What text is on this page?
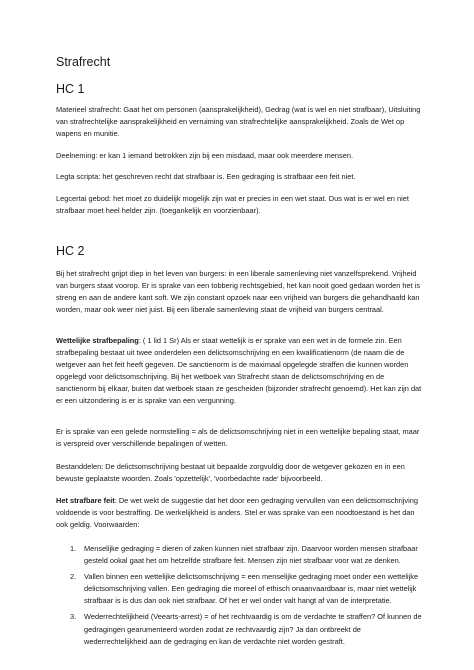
Strafrecht
HC 1
Materieel strafrecht: Gaat het om personen (aansprakelijkheid), Gedrag (wat is wel en niet strafbaar), Uitsluiting van strafrechtelijke aansprakelijkheid en verruiming van strafrechtelijke aansprakelijkheid. Zoals de Wet op wapens en munitie.
Deelneming: er kan 1 iemand betrokken zijn bij een misdaad, maar ook meerdere mensen.
Legta scripta: het geschreven recht dat strafbaar is. Een gedraging is strafbaar een feit niet.
Legcertai gebod: het moet zo duidelijk mogelijk zijn wat er precies in een wet staat. Dus wat is er wel en niet strafbaar moet heel helder zijn. (toegankelijk en voorzienbaar).
HC 2
Bij het strafrecht grijpt diep in het leven van burgers: in een liberale samenleving niet vanzelfsprekend. Vrijheid van burgers staat voorop. Er is sprake van een tobberig rechtsgebied, het kan nooit goed gedaan worden het is streng en aan de andere kant soft. We zijn constant opzoek naar een vrijheid van burgers die gehandhaafd kan worden, maar ook weer niet juist. Bij een liberale samenleving staat de vrijheid van burgers centraal.
Wettelijke strafbepaling: ( 1 lid 1 Sr) Als er staat wettelijk is er sprake van een wet in de formele zin. Een strafbepaling bestaat uit twee onderdelen een delictsomschrijving en een kwalificatienorm (de naam die de wetgever aan het feit heeft gegeven. De sanctienorm is de maximaal opgelegde straffen die kunnen worden opgelegd voor delictsomschrijving. Bij het wetboek van Strafrecht staan de delictsomschrijving en de sanctienorm bij elkaar, buiten dat wetboek staan ze gescheiden (bijzonder strafrecht genoemd). Het kan zijn dat er een uitzondering is er is sprake van een vergunning.
Er is sprake van een gelede normstelling = als de delictsomschrijving niet in een wettelijke bepaling staat, maar is verspreid over verschillende bepalingen of wetten.
Bestanddelen: De delictsomschrijving bestaat uit bepaalde zorgvuldig door de wetgever gekozen en in een bewuste geplaatste woorden. Zoals 'opzettelijk', 'voorbedachte rade' bijvoorbeeld.
Het strafbare feit: De wet wekt de suggestie dat het door een gedraging vervullen van een delictsomschrijving voldoende is voor bestraffing. De werkelijkheid is anders. Stel er was sprake van een noodtoestand is het dan ook geldig. Voorwaarden:
1. Menselijke gedraging = dieren of zaken kunnen niet strafbaar zijn. Daarvoor worden mensen strafbaar gesteld ookal gaat het om hetzelfde strafbare feit. Mensen zijn niet strafbaar voor wat ze denken.
2. Vallen binnen een wettelijke delictsomschrijving = een menselijke gedraging moet onder een wettelijke delictsomschrijving vallen. Een gedraging die moreel of ethisch onaanvaardbaar is, maar niet wettelijk strafbaar is is dus dan ook niet strafbaar. Of het er wel onder valt hangt af van de interpretatie.
3. Wederrechtelijkheid (Veearts-arrest) = of het rechtvaardig is om de verdachte te straffen? Of kunnen de gedragingen gearumenteerd worden zodat ze rechtvaardig zijn? Ja dan ontbreekt de wederrechtelijkheid aan de gedraging en kan de verdachte niet worden gestraft.
